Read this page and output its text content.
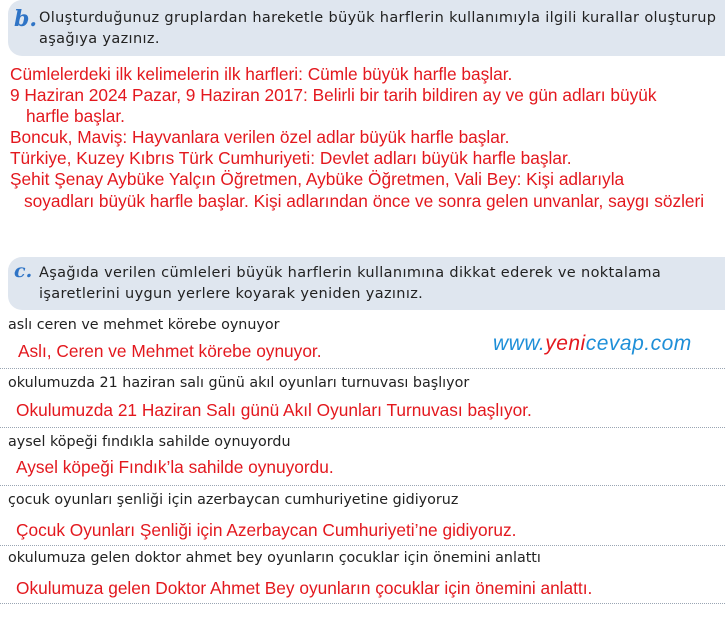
b. Oluşturduğunuz gruplardan hareketle büyük harflerin kullanımıyla ilgili kurallar oluşturup aşağıya yazınız.
Cümlelerdeki ilk kelimelerin ilk harfleri: Cümle büyük harfle başlar.
9 Haziran 2024 Pazar, 9 Haziran 2017: Belirli bir tarih bildiren ay ve gün adları büyük
harfle başlar.
Boncuk, Maviş: Hayvanlara verilen özel adlar büyük harfle başlar.
Türkiye, Kuzey Kıbrıs Türk Cumhuriyeti: Devlet adları büyük harfle başlar.
Şehit Şenay Aybüke Yalçın Öğretmen, Aybüke Öğretmen, Vali Bey: Kişi adlarıyla
soyadları büyük harfle başlar. Kişi adlarından önce ve sonra gelen unvanlar, saygı sözleri
c. Aşağıda verilen cümleleri büyük harflerin kullanımına dikkat ederek ve noktalama işaretlerini uygun yerlere koyarak yeniden yazınız.
aslı ceren ve mehmet körebe oynuyor
Aslı, Ceren ve Mehmet körebe oynuyor.
okulumuzda 21 haziran salı günü akıl oyunları turnuvası başlıyor
Okulumuzda 21 Haziran Salı günü Akıl Oyunları Turnuvası başlıyor.
aysel köpeği fındıkla sahilde oynuyordu
Aysel köpeği Fındık’la sahilde oynuyordu.
çocuk oyunları şenliği için azerbaycan cumhuriyetine gidiyoruz
Çocuk Oyunları Şenliği için Azerbaycan Cumhuriyeti’ne gidiyoruz.
okulumuza gelen doktor ahmet bey oyunların çocuklar için önemini anlattı
Okulumuza gelen Doktor Ahmet Bey oyunların çocuklar için önemini anlattı.
www.yenicevap.com
